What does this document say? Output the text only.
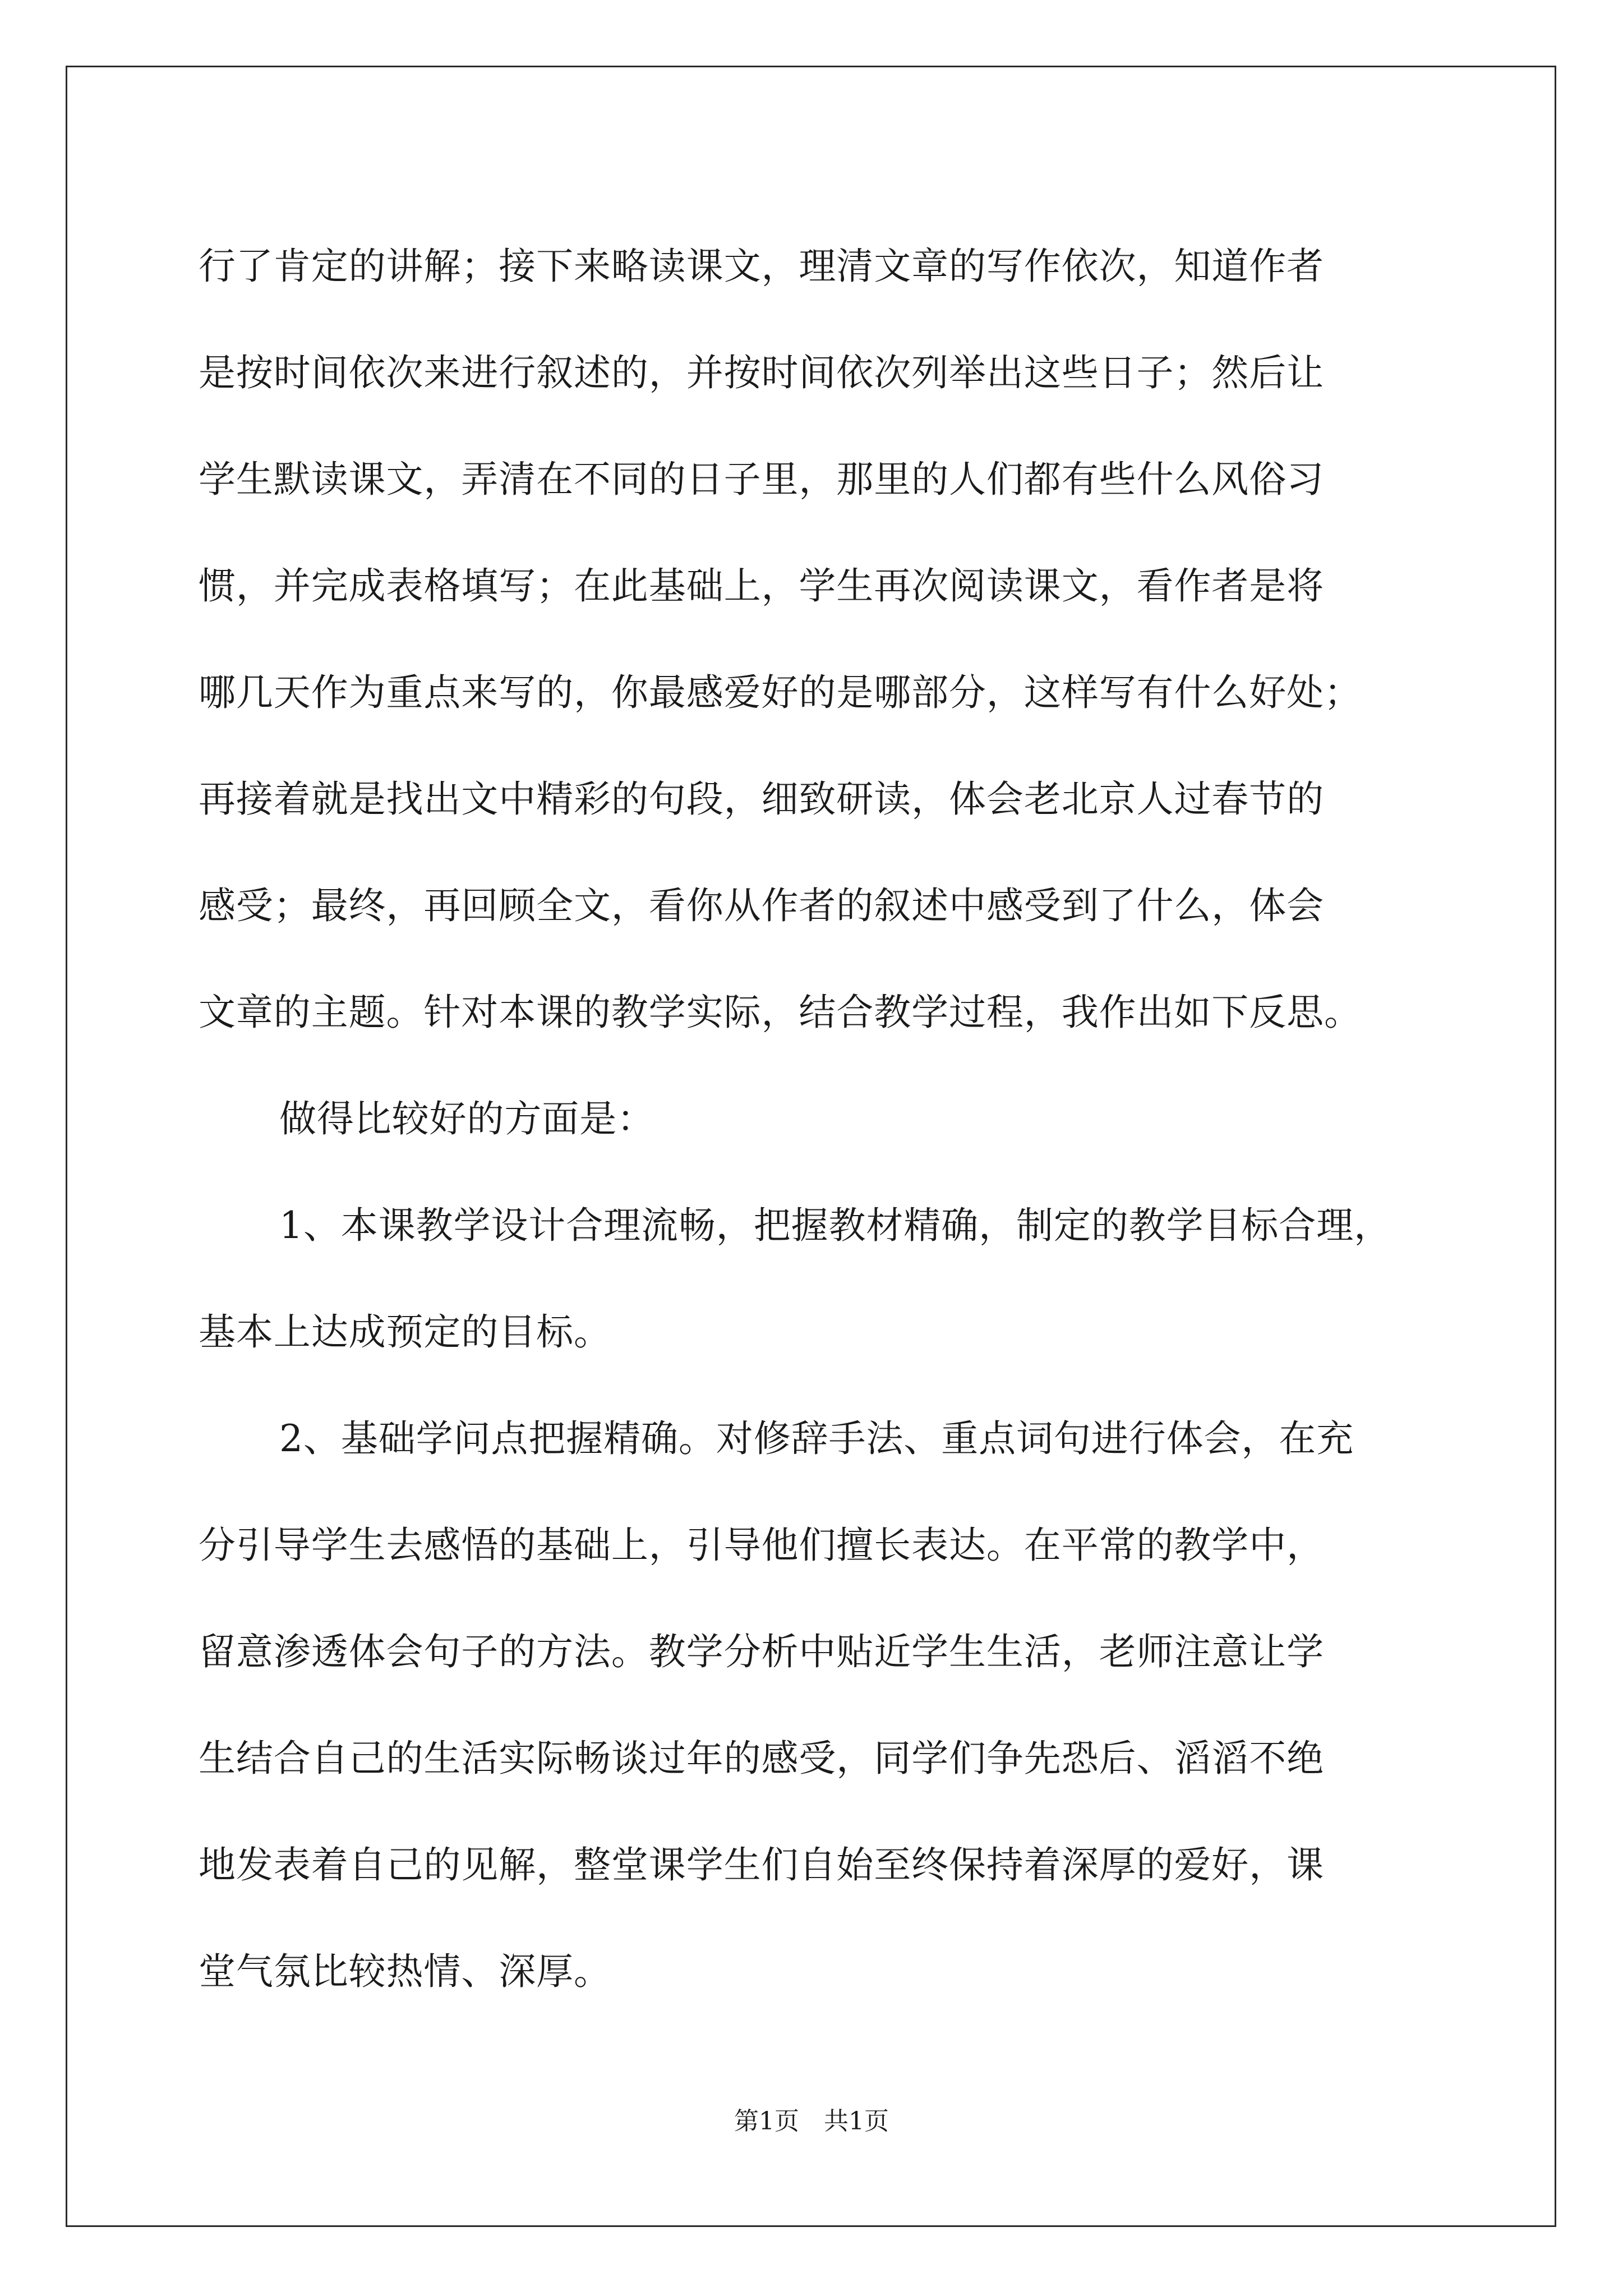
行了肯定的讲解；接下来略读课文，理清文章的写作依次，知道作者
是按时间依次来进行叙述的，并按时间依次列举出这些日子；然后让
学生默读课文，弄清在不同的日子里，那里的人们都有些什么风俗习
惯，并完成表格填写；在此基础上，学生再次阅读课文，看作者是将
哪几天作为重点来写的，你最感爱好的是哪部分，这样写有什么好处；
再接着就是找出文中精彩的句段，细致研读，体会老北京人过春节的
感受；最终，再回顾全文，看你从作者的叙述中感受到了什么，体会
文章的主题。针对本课的教学实际，结合教学过程，我作出如下反思。
做得比较好的方面是：
1、本课教学设计合理流畅，把握教材精确，制定的教学目标合理，
基本上达成预定的目标。
2、基础学问点把握精确。对修辞手法、重点词句进行体会，在充
分引导学生去感悟的基础上，引导他们擅长表达。在平常的教学中，
留意渗透体会句子的方法。教学分析中贴近学生生活，老师注意让学
生结合自己的生活实际畅谈过年的感受，同学们争先恐后、滔滔不绝
地发表着自己的见解，整堂课学生们自始至终保持着深厚的爱好，课
堂气氛比较热情、深厚。
第1页　共1页
